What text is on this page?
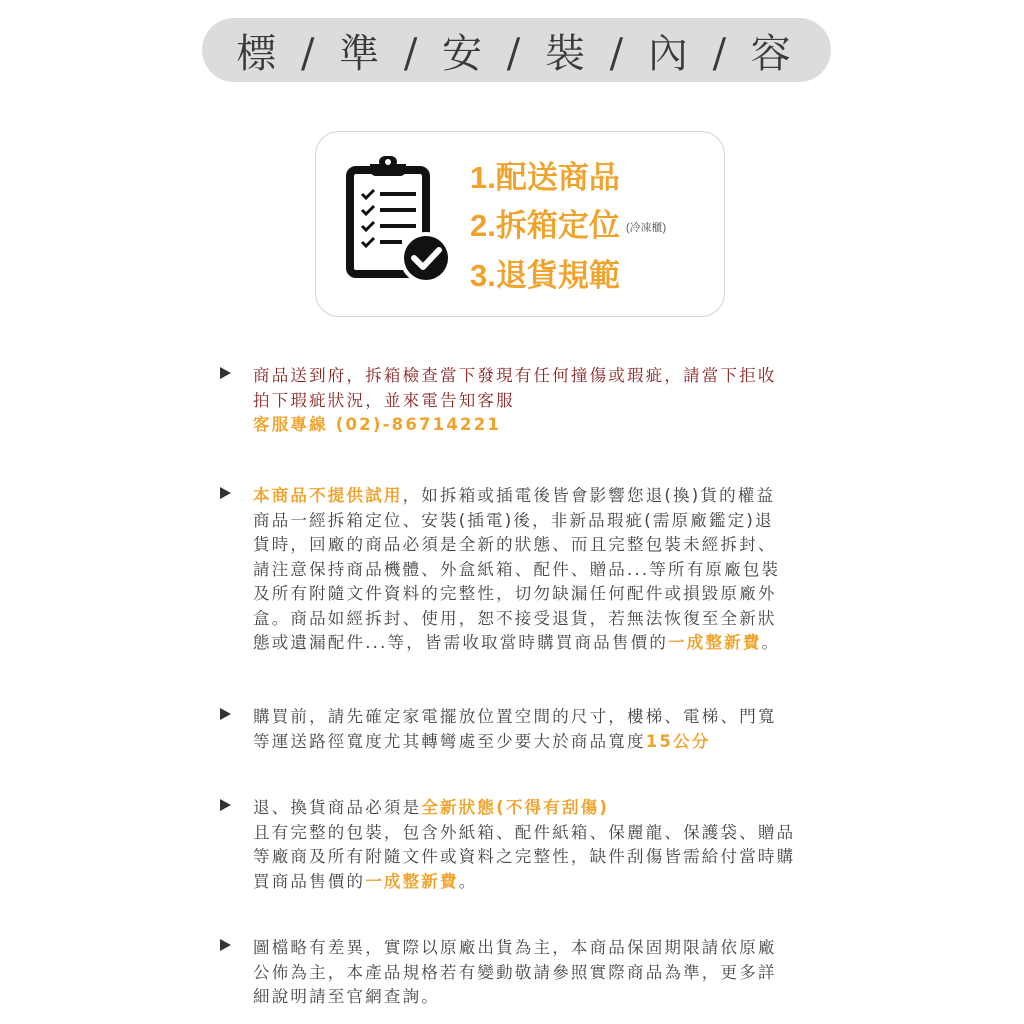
標 / 準 / 安 / 裝 / 內 / 容
1.配送商品
2.拆箱定位 (冷凍櫃)
3.退貨規範
商品送到府，拆箱檢查當下發現有任何撞傷或瑕疵，請當下拒收
拍下瑕疵狀況，並來電告知客服
客服專線 (02)-86714221
本商品不提供試用，如拆箱或插電後皆會影響您退(換)貨的權益
商品一經拆箱定位、安裝(插電)後，非新品瑕疵(需原廠鑑定)退
貨時，回廠的商品必須是全新的狀態、而且完整包裝未經拆封、
請注意保持商品機體、外盒紙箱、配件、贈品...等所有原廠包裝
及所有附隨文件資料的完整性，切勿缺漏任何配件或損毀原廠外
盒。商品如經拆封、使用，恕不接受退貨，若無法恢復至全新狀
態或遺漏配件...等，皆需收取當時購買商品售價的一成整新費。
購買前，請先確定家電擺放位置空間的尺寸，樓梯、電梯、門寬
等運送路徑寬度尤其轉彎處至少要大於商品寬度15公分
退、換貨商品必須是全新狀態(不得有刮傷)
且有完整的包裝，包含外紙箱、配件紙箱、保麗龍、保護袋、贈品
等廠商及所有附隨文件或資料之完整性，缺件刮傷皆需給付當時購
買商品售價的一成整新費。
圖檔略有差異，實際以原廠出貨為主，本商品保固期限請依原廠
公佈為主，本產品規格若有變動敬請參照實際商品為準，更多詳
細說明請至官網查詢。
